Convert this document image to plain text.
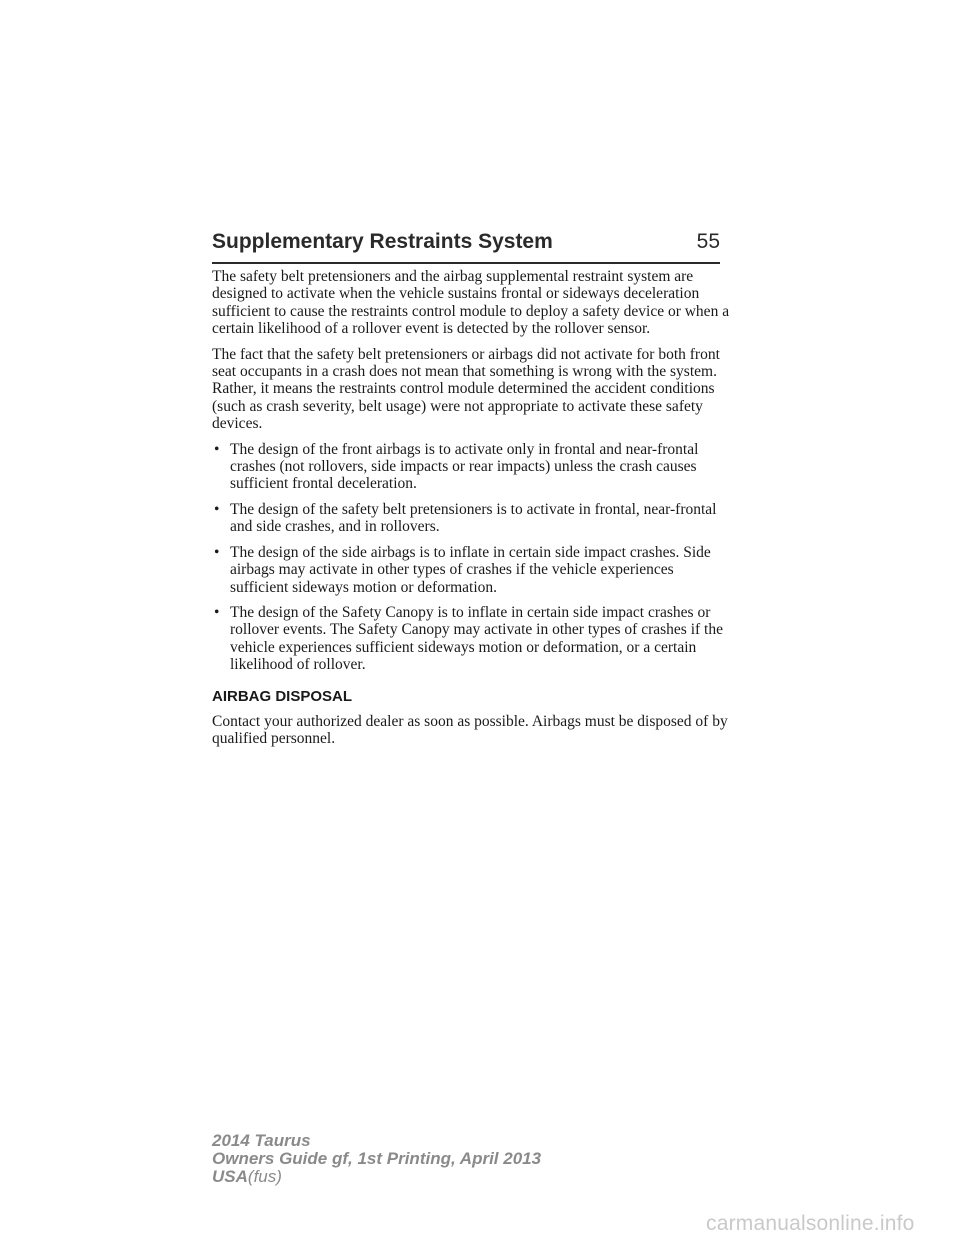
Supplementary Restraints System	55

The safety belt pretensioners and the airbag supplemental restraint system are designed to activate when the vehicle sustains frontal or sideways deceleration sufficient to cause the restraints control module to deploy a safety device or when a certain likelihood of a rollover event is detected by the rollover sensor.

The fact that the safety belt pretensioners or airbags did not activate for both front seat occupants in a crash does not mean that something is wrong with the system. Rather, it means the restraints control module determined the accident conditions (such as crash severity, belt usage) were not appropriate to activate these safety devices.

• The design of the front airbags is to activate only in frontal and near-frontal crashes (not rollovers, side impacts or rear impacts) unless the crash causes sufficient frontal deceleration.
• The design of the safety belt pretensioners is to activate in frontal, near-frontal and side crashes, and in rollovers.
• The design of the side airbags is to inflate in certain side impact crashes. Side airbags may activate in other types of crashes if the vehicle experiences sufficient sideways motion or deformation.
• The design of the Safety Canopy is to inflate in certain side impact crashes or rollover events. The Safety Canopy may activate in other types of crashes if the vehicle experiences sufficient sideways motion or deformation, or a certain likelihood of rollover.
AIRBAG DISPOSAL

Contact your authorized dealer as soon as possible. Airbags must be disposed of by qualified personnel.

2014 Taurus
Owners Guide gf, 1st Printing, April 2013
USA(fus)
carmanualsonline.info
